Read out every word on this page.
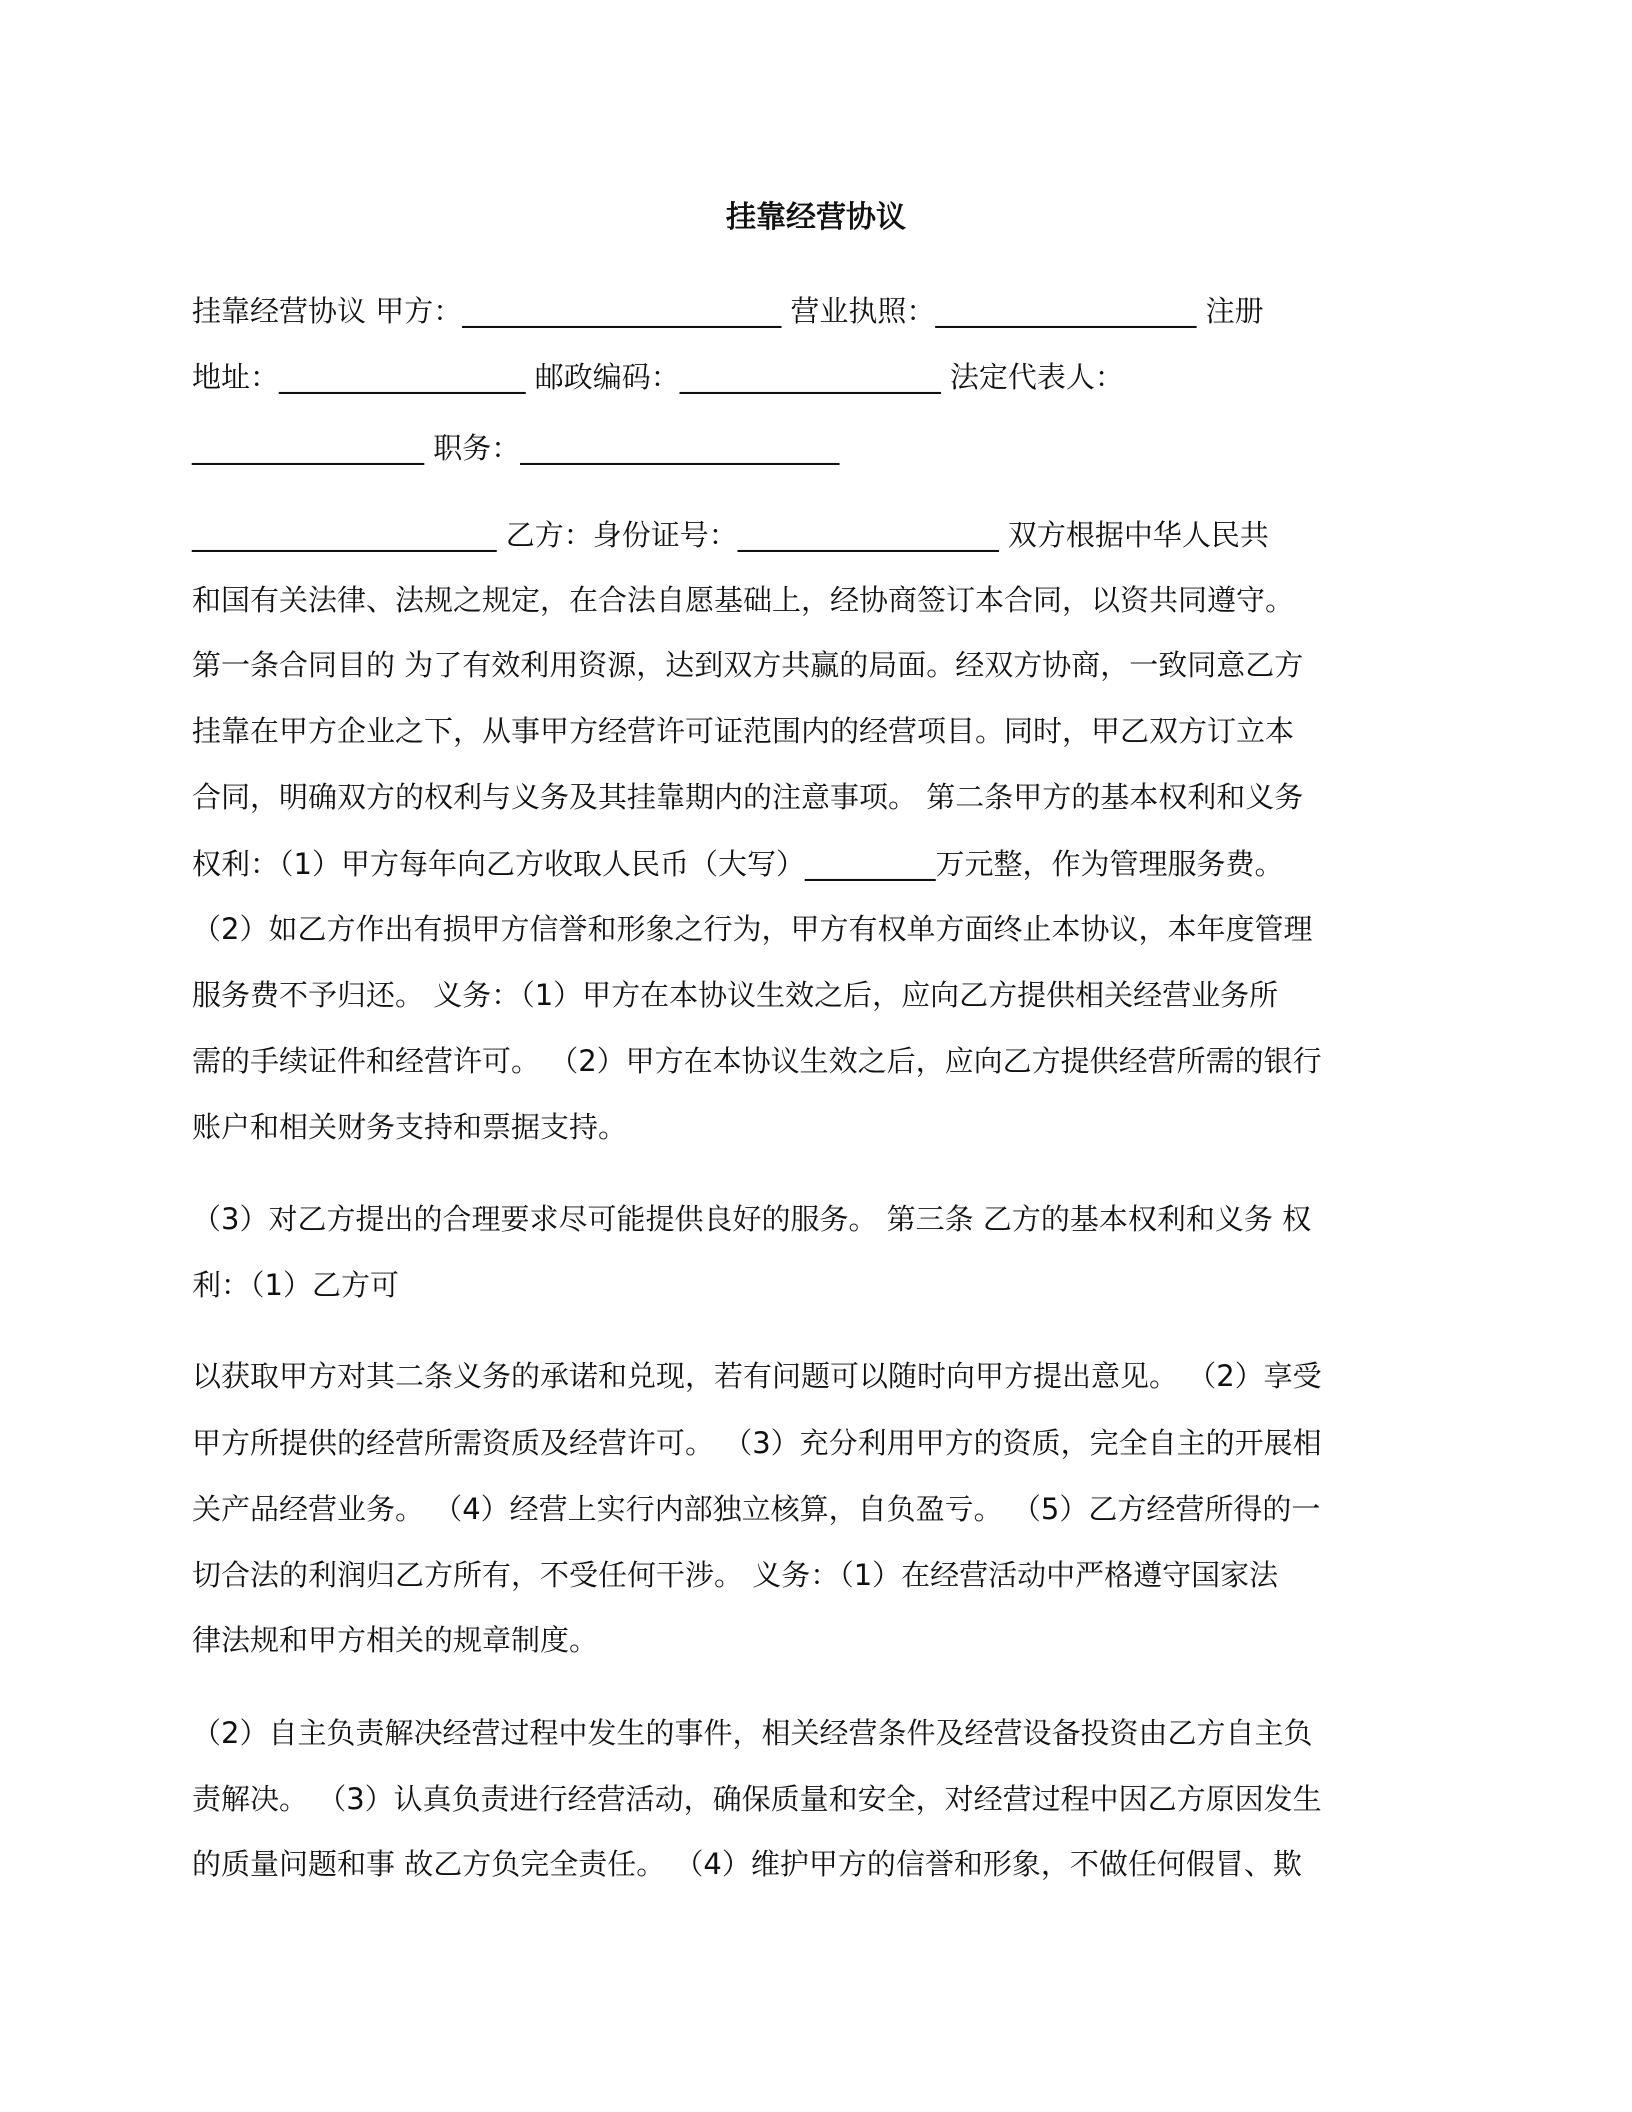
挂靠经营协议
挂靠经营协议 甲方：______________________ 营业执照：__________________ 注册
地址：_________________ 邮政编码：__________________ 法定代表人：
________________ 职务：______________________
_____________________ 乙方：身份证号：__________________ 双方根据中华人民共
和国有关法律、法规之规定，在合法自愿基础上，经协商签订本合同，以资共同遵守。
第一条合同目的 为了有效利用资源，达到双方共赢的局面。经双方协商，一致同意乙方
挂靠在甲方企业之下，从事甲方经营许可证范围内的经营项目。同时，甲乙双方订立本
合同，明确双方的权利与义务及其挂靠期内的注意事项。 第二条甲方的基本权利和义务
权利：（1）甲方每年向乙方收取人民币（大写）_________万元整，作为管理服务费。
（2）如乙方作出有损甲方信誉和形象之行为，甲方有权单方面终止本协议，本年度管理
服务费不予归还。 义务：（1）甲方在本协议生效之后，应向乙方提供相关经营业务所
需的手续证件和经营许可。 （2）甲方在本协议生效之后，应向乙方提供经营所需的银行
账户和相关财务支持和票据支持。
（3）对乙方提出的合理要求尽可能提供良好的服务。 第三条 乙方的基本权利和义务 权
利：（1）乙方可
以获取甲方对其二条义务的承诺和兑现，若有问题可以随时向甲方提出意见。 （2）享受
甲方所提供的经营所需资质及经营许可。 （3）充分利用甲方的资质，完全自主的开展相
关产品经营业务。 （4）经营上实行内部独立核算，自负盈亏。 （5）乙方经营所得的一
切合法的利润归乙方所有，不受任何干涉。 义务：（1）在经营活动中严格遵守国家法
律法规和甲方相关的规章制度。
（2）自主负责解决经营过程中发生的事件，相关经营条件及经营设备投资由乙方自主负
责解决。 （3）认真负责进行经营活动，确保质量和安全，对经营过程中因乙方原因发生
的质量问题和事 故乙方负完全责任。 （4）维护甲方的信誉和形象，不做任何假冒、欺
